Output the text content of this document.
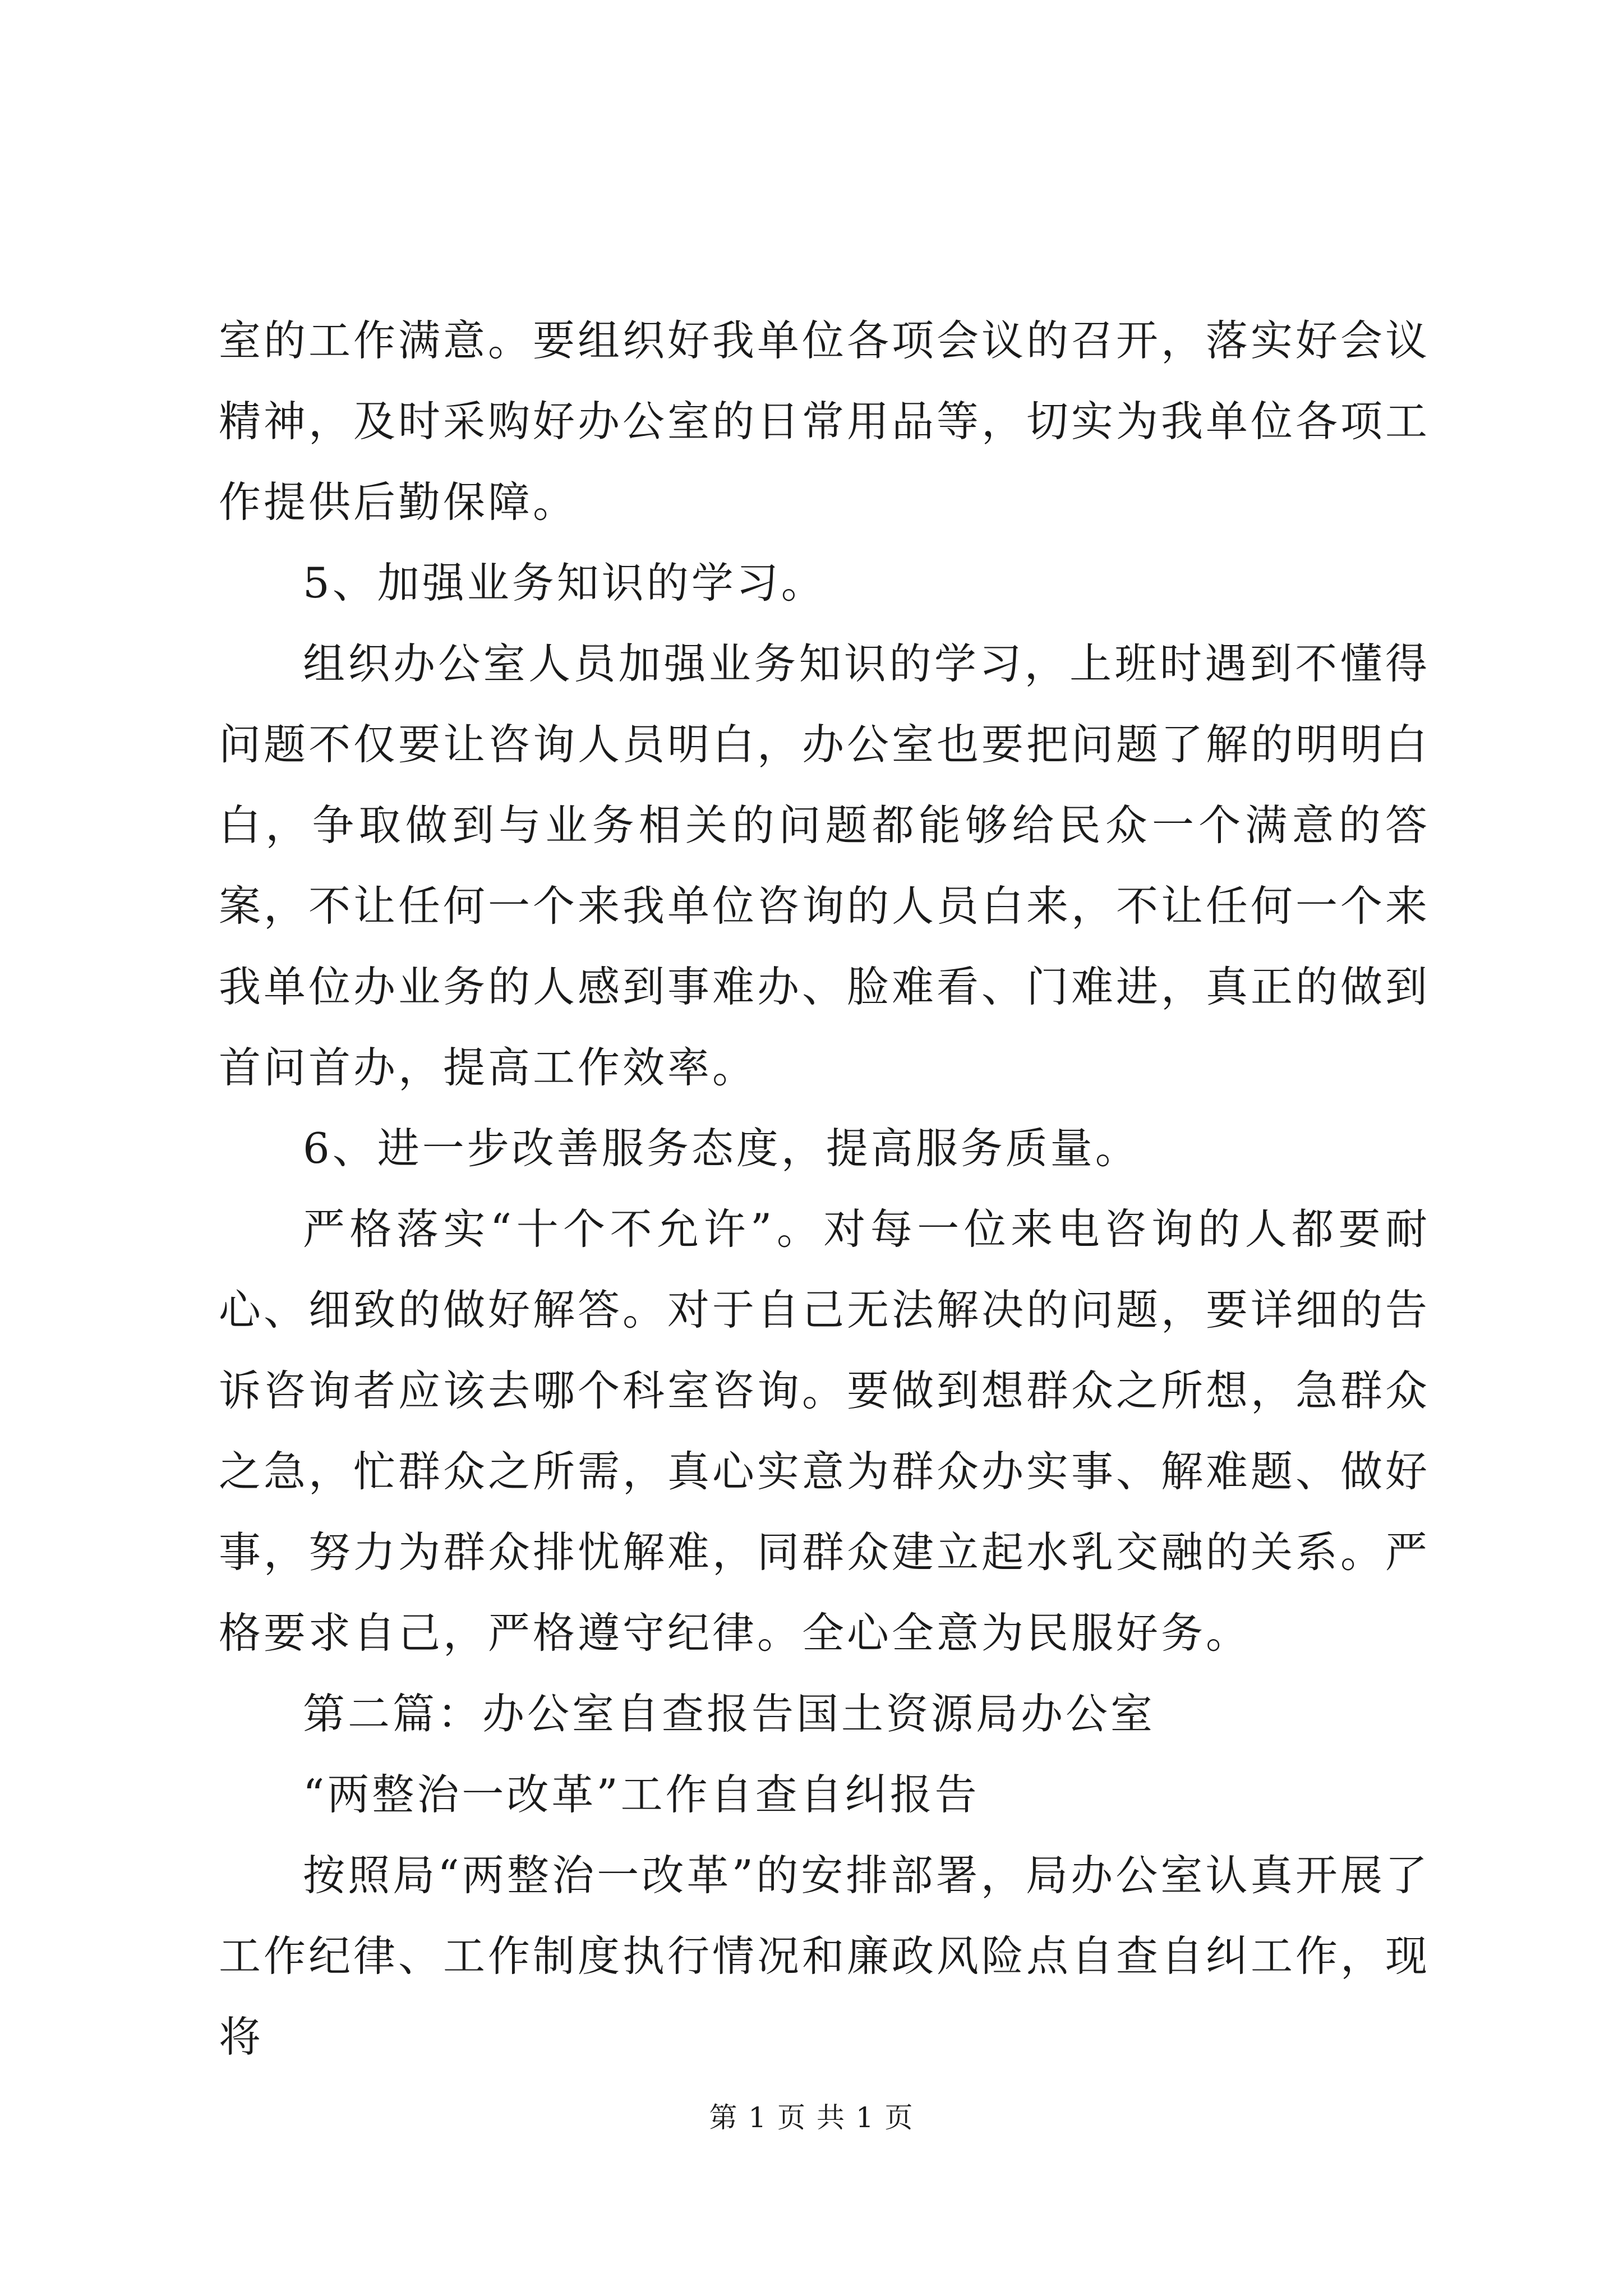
室的工作满意。要组织好我单位各项会议的召开，落实好会议精神，及时采购好办公室的日常用品等，切实为我单位各项工作提供后勤保障。

5、加强业务知识的学习。

组织办公室人员加强业务知识的学习，上班时遇到不懂得问题不仅要让咨询人员明白，办公室也要把问题了解的明明白白，争取做到与业务相关的问题都能够给民众一个满意的答案，不让任何一个来我单位咨询的人员白来，不让任何一个来我单位办业务的人感到事难办、脸难看、门难进，真正的做到首问首办，提高工作效率。

6、进一步改善服务态度，提高服务质量。

严格落实“十个不允许”。对每一位来电咨询的人都要耐心、细致的做好解答。对于自己无法解决的问题，要详细的告诉咨询者应该去哪个科室咨询。要做到想群众之所想，急群众之急，忙群众之所需，真心实意为群众办实事、解难题、做好事，努力为群众排忧解难，同群众建立起水乳交融的关系。严格要求自己，严格遵守纪律。全心全意为民服好务。

第二篇：办公室自查报告国土资源局办公室

“两整治一改革”工作自查自纠报告

按照局“两整治一改革”的安排部署，局办公室认真开展了工作纪律、工作制度执行情况和廉政风险点自查自纠工作，现将

第 1 页 共 1 页
